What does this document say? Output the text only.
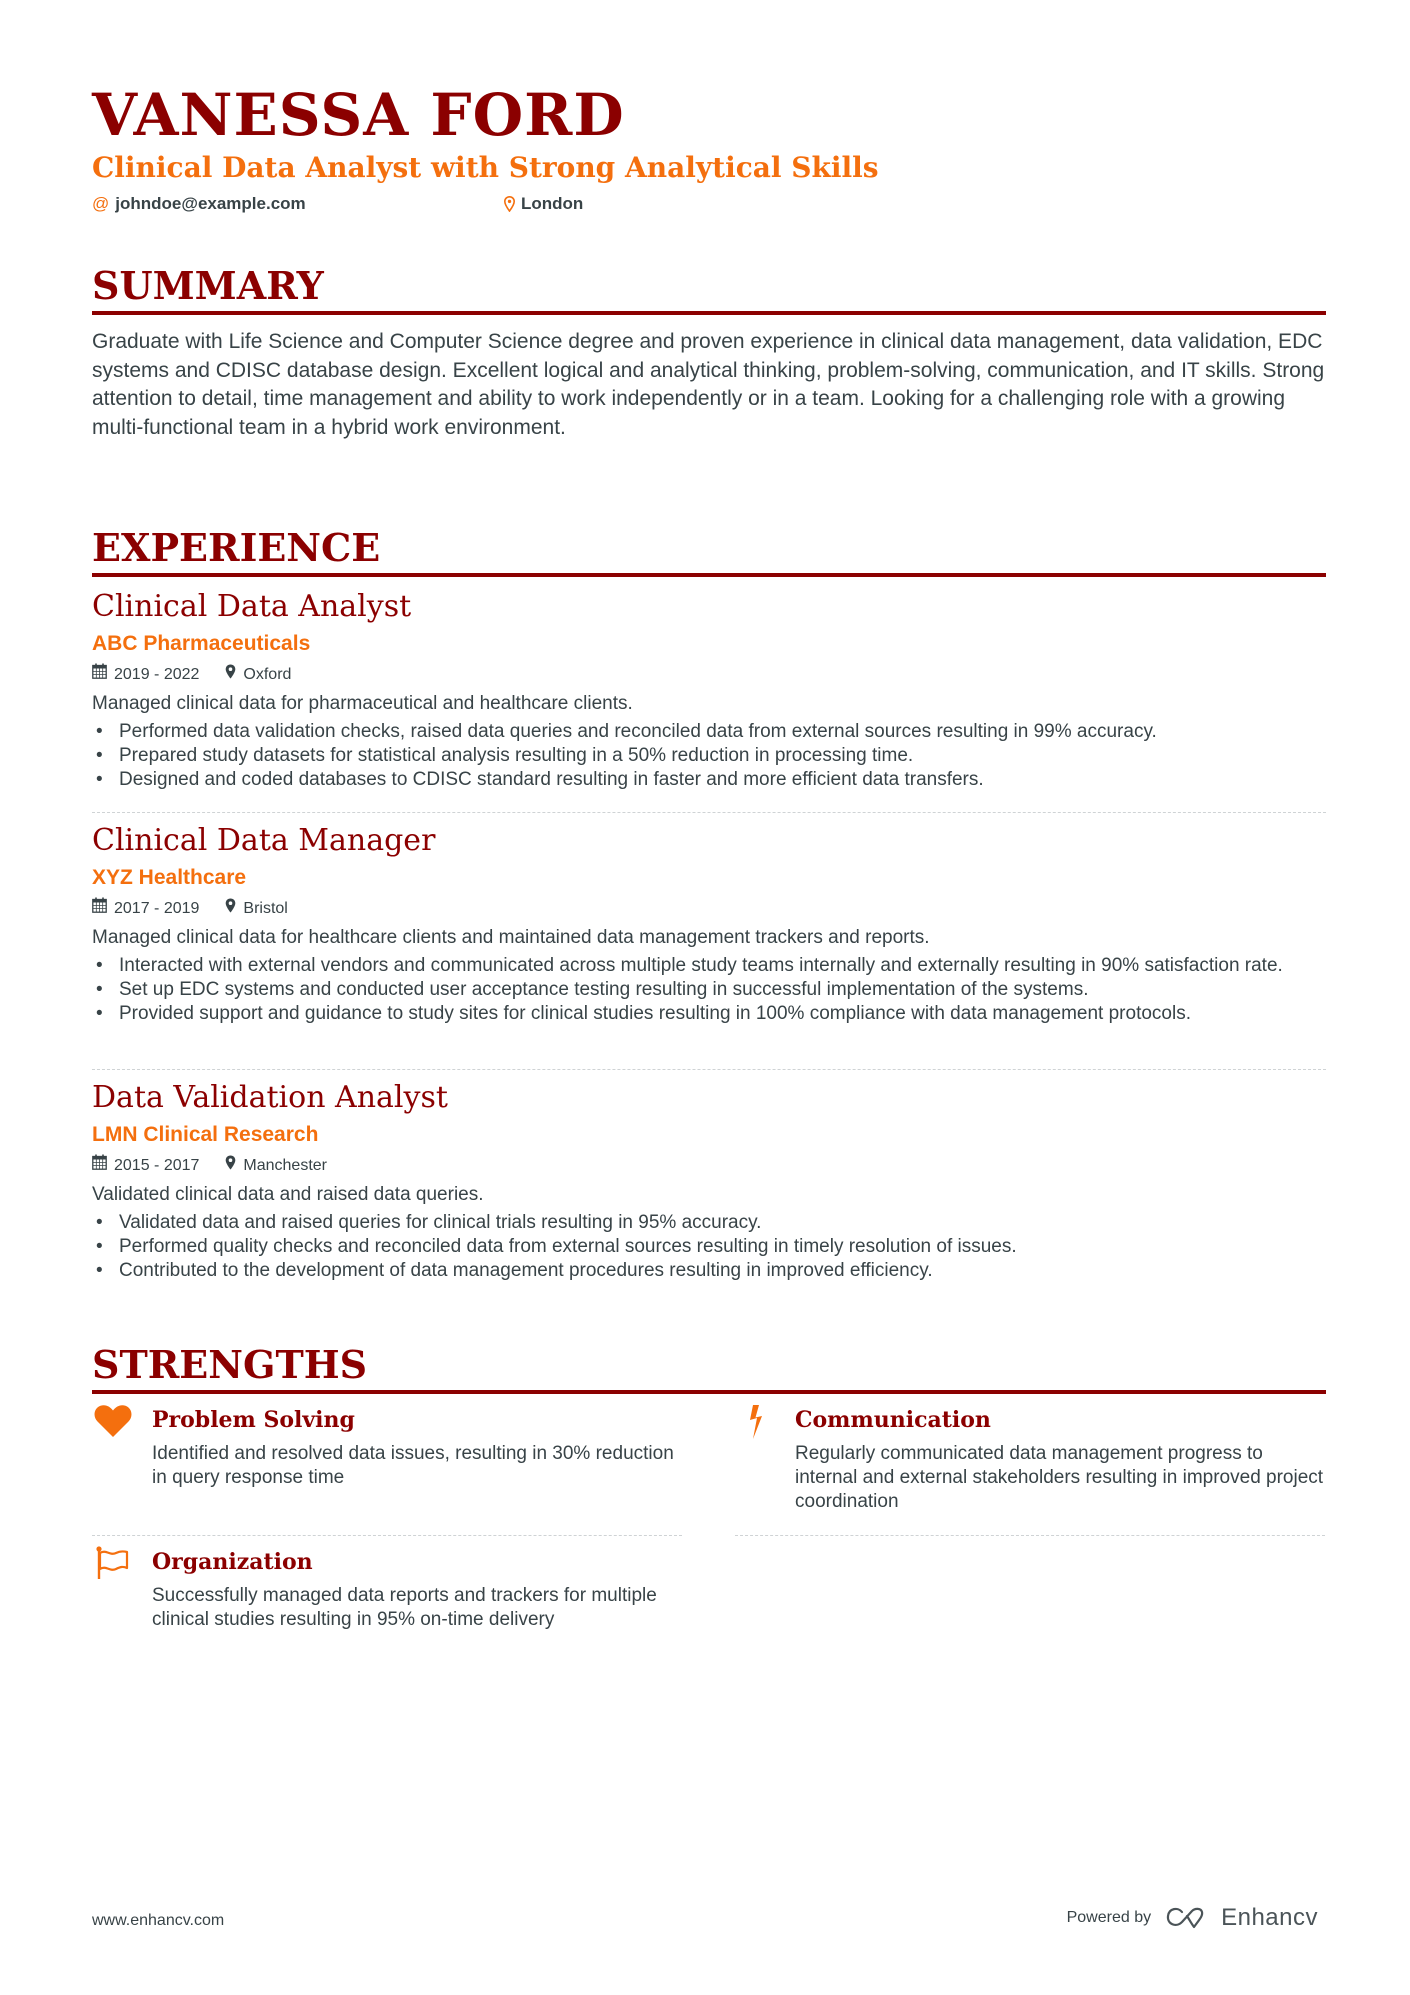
VANESSA FORD
Clinical Data Analyst with Strong Analytical Skills
@ johndoe@example.com	London
SUMMARY
Graduate with Life Science and Computer Science degree and proven experience in clinical data management, data validation, EDC systems and CDISC database design. Excellent logical and analytical thinking, problem-solving, communication, and IT skills. Strong attention to detail, time management and ability to work independently or in a team. Looking for a challenging role with a growing multi-functional team in a hybrid work environment.
EXPERIENCE
Clinical Data Analyst
ABC Pharmaceuticals
2019 - 2022	Oxford
Managed clinical data for pharmaceutical and healthcare clients.
• Performed data validation checks, raised data queries and reconciled data from external sources resulting in 99% accuracy.
• Prepared study datasets for statistical analysis resulting in a 50% reduction in processing time.
• Designed and coded databases to CDISC standard resulting in faster and more efficient data transfers.
Clinical Data Manager
XYZ Healthcare
2017 - 2019	Bristol
Managed clinical data for healthcare clients and maintained data management trackers and reports.
• Interacted with external vendors and communicated across multiple study teams internally and externally resulting in 90% satisfaction rate.
• Set up EDC systems and conducted user acceptance testing resulting in successful implementation of the systems.
• Provided support and guidance to study sites for clinical studies resulting in 100% compliance with data management protocols.
Data Validation Analyst
LMN Clinical Research
2015 - 2017	Manchester
Validated clinical data and raised data queries.
• Validated data and raised queries for clinical trials resulting in 95% accuracy.
• Performed quality checks and reconciled data from external sources resulting in timely resolution of issues.
• Contributed to the development of data management procedures resulting in improved efficiency.
STRENGTHS
Problem Solving
Identified and resolved data issues, resulting in 30% reduction in query response time
Communication
Regularly communicated data management progress to internal and external stakeholders resulting in improved project coordination
Organization
Successfully managed data reports and trackers for multiple clinical studies resulting in 95% on-time delivery
www.enhancv.com	Powered by	Enhancv
